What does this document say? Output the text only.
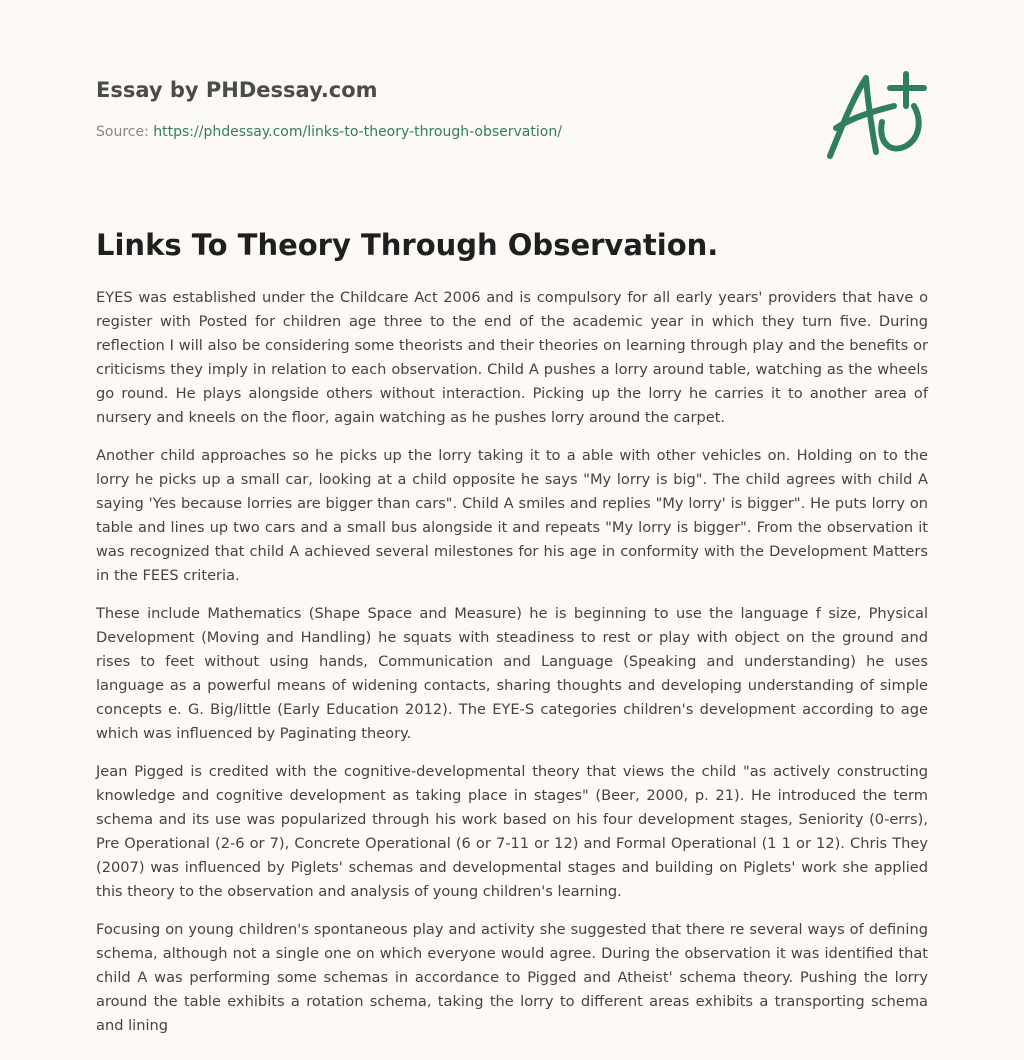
Essay by PHDessay.com

Source: https://phdessay.com/links-to-theory-through-observation/
Links To Theory Through Observation.

EYES was established under the Childcare Act 2006 and is compulsory for all early years' providers that have o register with Posted for children age three to the end of the academic year in which they turn five. During reflection I will also be considering some theorists and their theories on learning through play and the benefits or criticisms they imply in relation to each observation. Child A pushes a lorry around table, watching as the wheels go round. He plays alongside others without interaction. Picking up the lorry he carries it to another area of nursery and kneels on the floor, again watching as he pushes lorry around the carpet.

Another child approaches so he picks up the lorry taking it to a able with other vehicles on. Holding on to the lorry he picks up a small car, looking at a child opposite he says "My lorry is big". The child agrees with child A saying 'Yes because lorries are bigger than cars". Child A smiles and replies "My lorry' is bigger". He puts lorry on table and lines up two cars and a small bus alongside it and repeats "My lorry is bigger". From the observation it was recognized that child A achieved several milestones for his age in conformity with the Development Matters in the FEES criteria.

These include Mathematics (Shape Space and Measure) he is beginning to use the language f size, Physical Development (Moving and Handling) he squats with steadiness to rest or play with object on the ground and rises to feet without using hands, Communication and Language (Speaking and understanding) he uses language as a powerful means of widening contacts, sharing thoughts and developing understanding of simple concepts e. G. Big/little (Early Education 2012). The EYE-S categories children's development according to age which was influenced by Paginating theory.

Jean Pigged is credited with the cognitive-developmental theory that views the child "as actively constructing knowledge and cognitive development as taking place in stages" (Beer, 2000, p. 21). He introduced the term schema and its use was popularized through his work based on his four development stages, Seniority (0-errs), Pre Operational (2-6 or 7), Concrete Operational (6 or 7-11 or 12) and Formal Operational (1 1 or 12). Chris They (2007) was influenced by Piglets' schemas and developmental stages and building on Piglets' work she applied this theory to the observation and analysis of young children's learning.

Focusing on young children's spontaneous play and activity she suggested that there re several ways of defining schema, although not a single one on which everyone would agree. During the observation it was identified that child A was performing some schemas in accordance to Pigged and Atheist' schema theory. Pushing the lorry around the table exhibits a rotation schema, taking the lorry to different areas exhibits a transporting schema and lining
